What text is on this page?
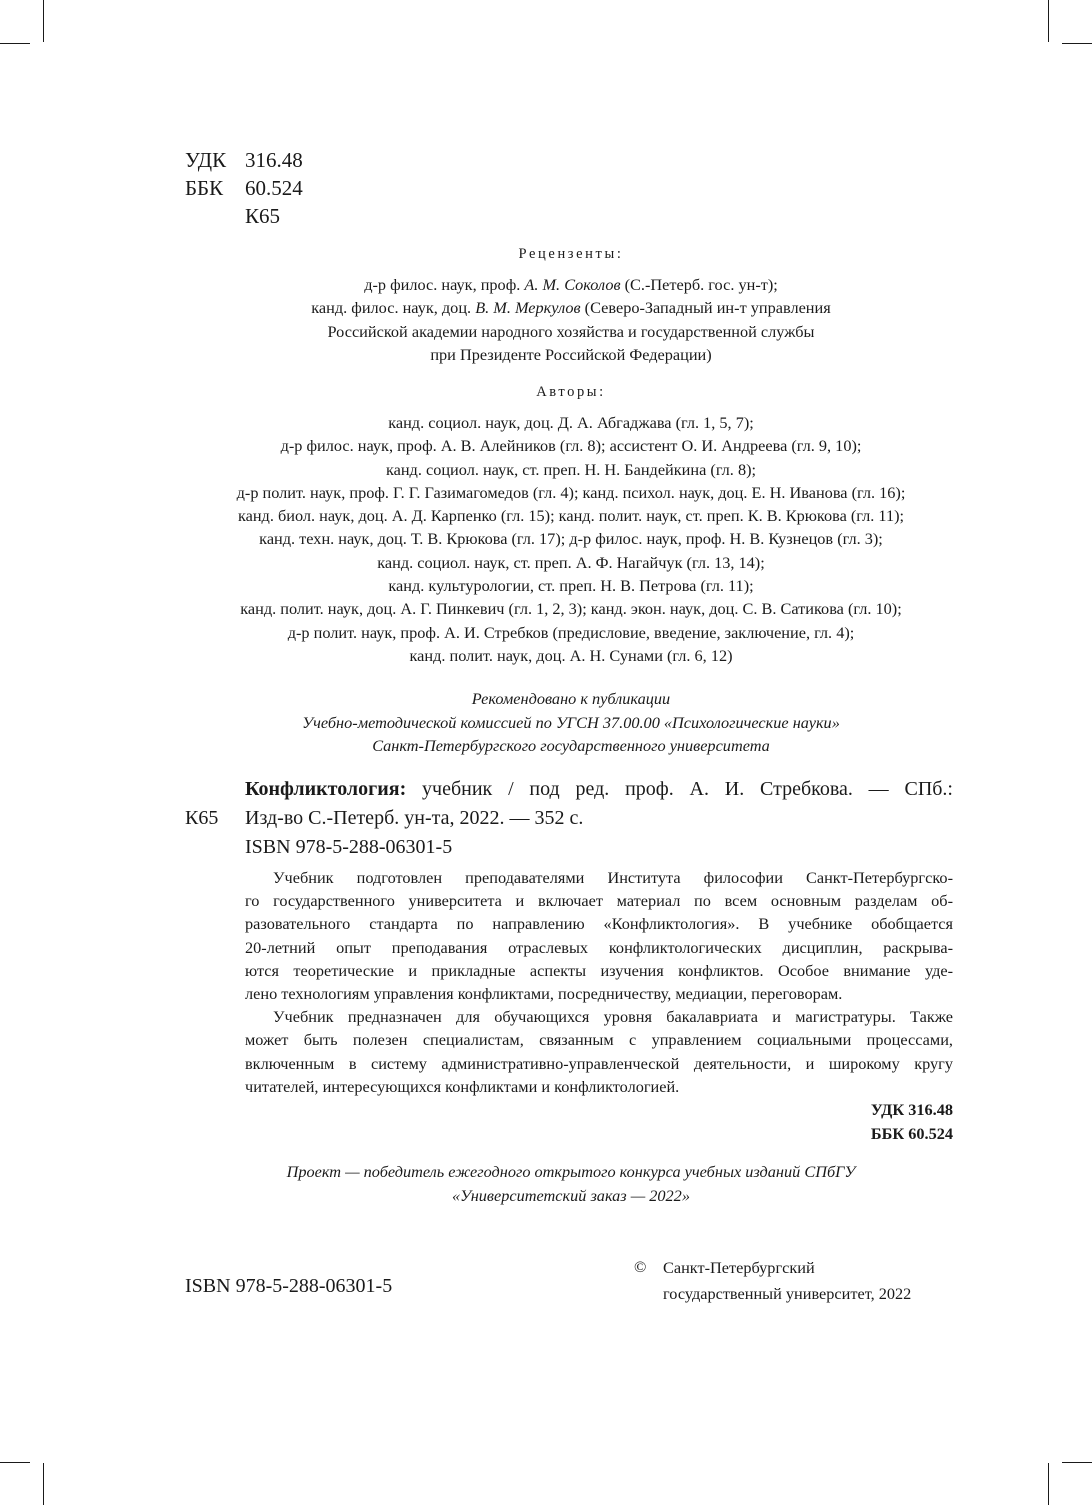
УДК 316.48
ББК	60.524
К65
Рецензенты:
д-р филос. наук, проф. А. М. Соколов (С.-Петерб. гос. ун-т);
канд. филос. наук, доц. В. М. Меркулов (Северо-Западный ин-т управления
Российской академии народного хозяйства и государственной службы
при Президенте Российской Федерации)
Авторы:
канд. социол. наук, доц. Д. А. Абгаджава (гл. 1, 5, 7);
д-р филос. наук, проф. А. В. Алейников (гл. 8); ассистент О. И. Андреева (гл. 9, 10);
канд. социол. наук, ст. преп. Н. Н. Бандейкина (гл. 8);
д-р полит. наук, проф. Г. Г. Газимагомедов (гл. 4); канд. психол. наук, доц. Е. Н. Иванова (гл. 16);
канд. биол. наук, доц. А. Д. Карпенко (гл. 15); канд. полит. наук, ст. преп. К. В. Крюкова (гл. 11);
канд. техн. наук, доц. Т. В. Крюкова (гл. 17); д-р филос. наук, проф. Н. В. Кузнецов (гл. 3);
канд. социол. наук, ст. преп. А. Ф. Нагайчук (гл. 13, 14);
канд. культурологии, ст. преп. Н. В. Петрова (гл. 11);
канд. полит. наук, доц. А. Г. Пинкевич (гл. 1, 2, 3); канд. экон. наук, доц. С. В. Сатикова (гл. 10);
д-р полит. наук, проф. А. И. Стребков (предисловие, введение, заключение, гл. 4);
канд. полит. наук, доц. А. Н. Сунами (гл. 6, 12)
Рекомендовано к публикации
Учебно-методической комиссией по УГСН 37.00.00 «Психологические науки»
Санкт-Петербургского государственного университета
К65
Конфликтология: учебник / под ред. проф. А. И. Стребкова. — СПб.:
Изд-во С.-Петерб. ун-та, 2022. — 352 с.
ISBN 978-5-288-06301-5
Учебник подготовлен преподавателями Института философии Санкт-Петербургско-
го государственного университета и включает материал по всем основным разделам об-
разовательного стандарта по направлению «Конфликтология». В учебнике обобщается
20-летний опыт преподавания отраслевых конфликтологических дисциплин, раскрыва-
ются теоретические и прикладные аспекты изучения конфликтов. Особое внимание уде-
лено технологиям управления конфликтами, посредничеству, медиации, переговорам.
Учебник предназначен для обучающихся уровня бакалавриата и магистратуры. Также
может быть полезен специалистам, связанным с управлением социальными процессами,
включенным в систему административно-управленческой деятельности, и широкому кругу
читателей, интересующихся конфликтами и конфликтологией.
УДК 316.48
ББК 60.524
Проект — победитель ежегодного открытого конкурса учебных изданий СПбГУ
«Университетский заказ — 2022»
ISBN 978-5-288-06301-5
© Санкт-Петербургский
государственный университет, 2022
